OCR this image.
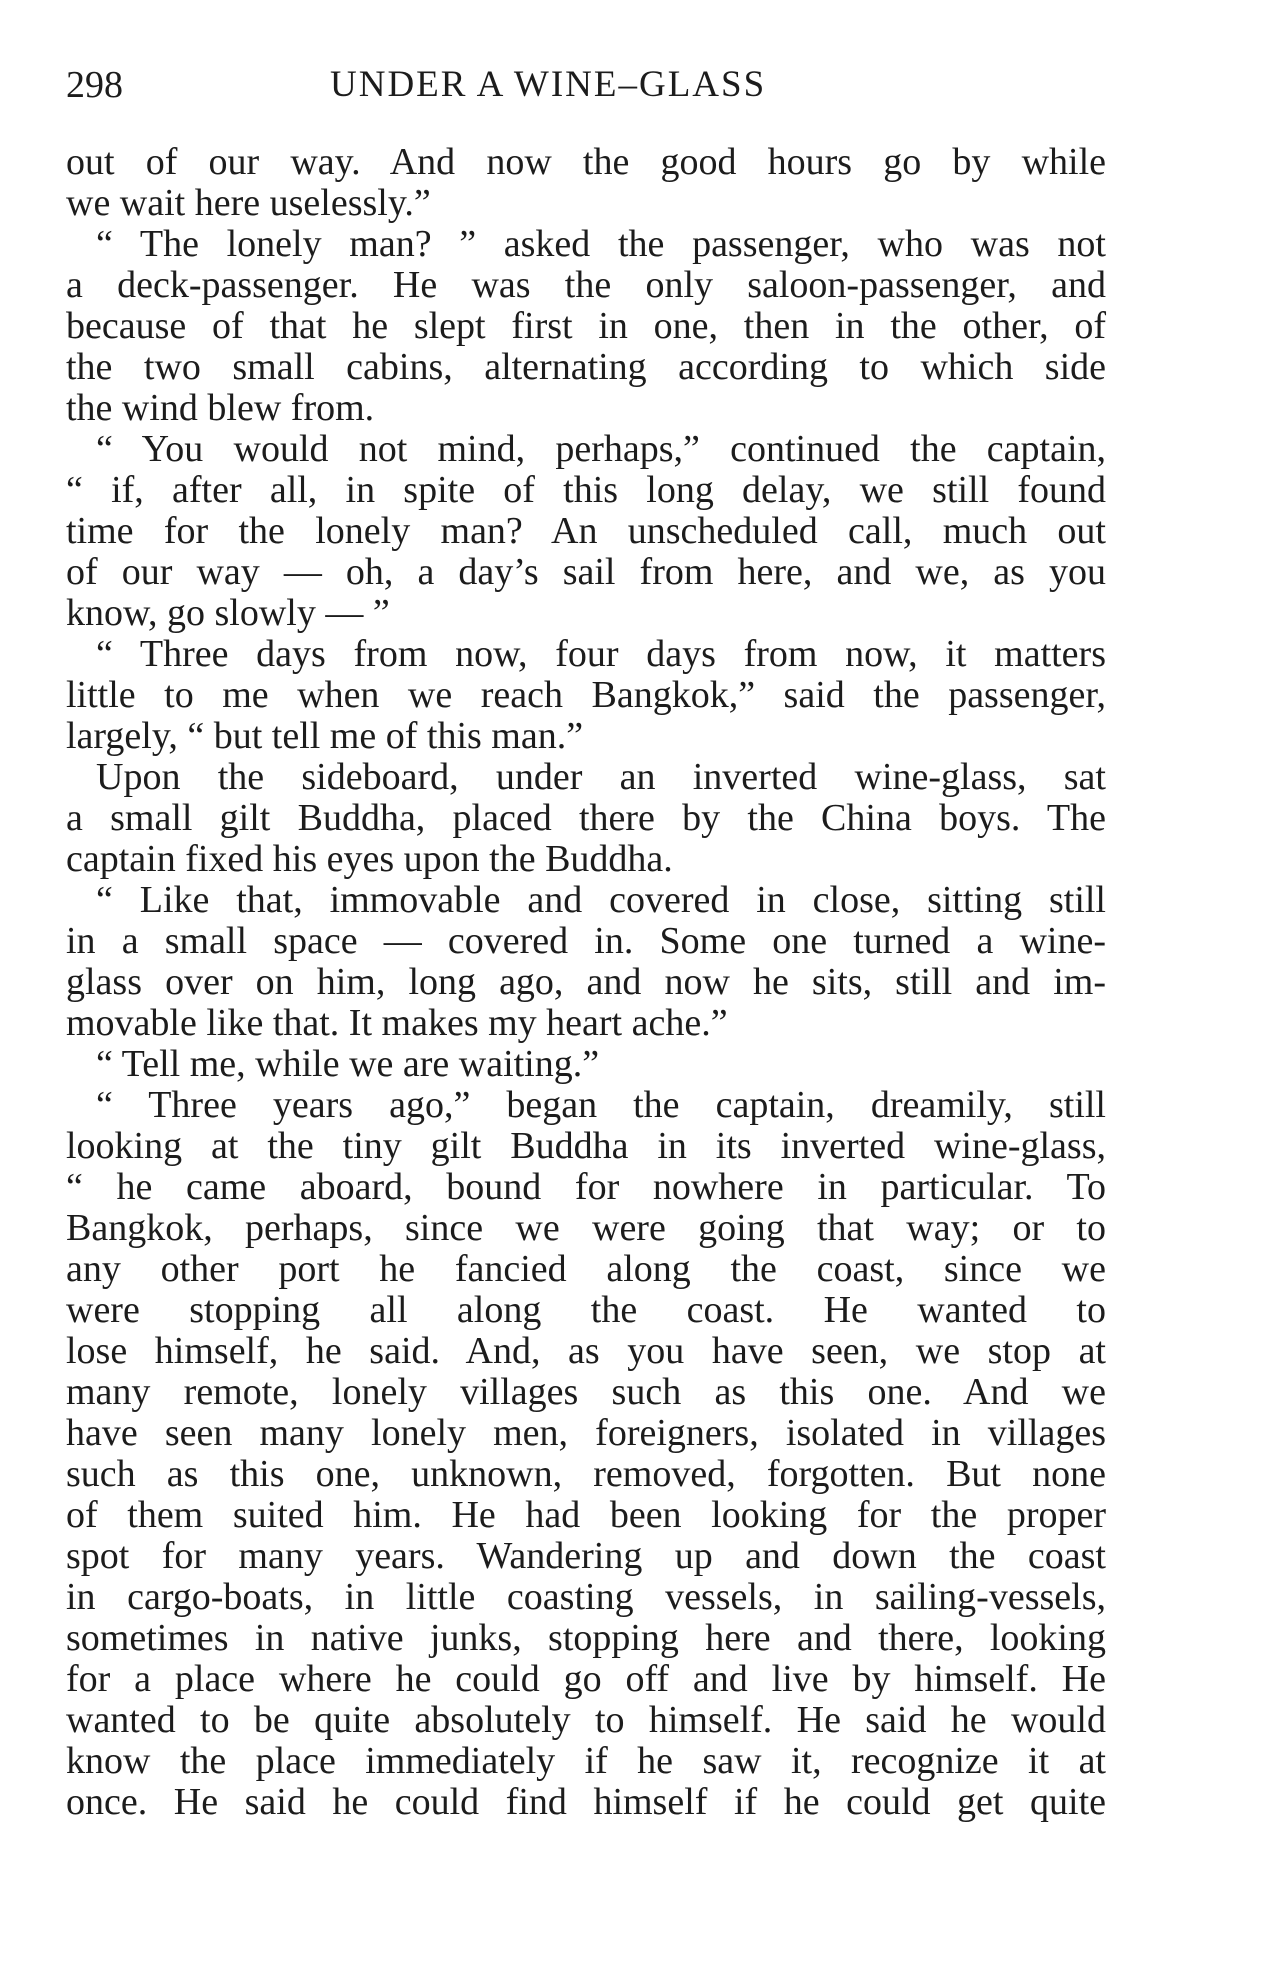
298	UNDER A WINE–GLASS
out of our way. And now the good hours go by while
we wait here uselessly.”
“ The lonely man? ” asked the passenger, who was not
a deck-passenger. He was the only saloon-passenger, and
because of that he slept first in one, then in the other, of
the two small cabins, alternating according to which side
the wind blew from.
“ You would not mind, perhaps,” continued the captain,
“ if, after all, in spite of this long delay, we still found
time for the lonely man? An unscheduled call, much out
of our way — oh, a day’s sail from here, and we, as you
know, go slowly — ”
“ Three days from now, four days from now, it matters
little to me when we reach Bangkok,” said the passenger,
largely, “ but tell me of this man.”
Upon the sideboard, under an inverted wine-glass, sat
a small gilt Buddha, placed there by the China boys. The
captain fixed his eyes upon the Buddha.
“ Like that, immovable and covered in close, sitting still
in a small space — covered in. Some one turned a wine-
glass over on him, long ago, and now he sits, still and im-
movable like that. It makes my heart ache.”
“ Tell me, while we are waiting.”
“ Three years ago,” began the captain, dreamily, still
looking at the tiny gilt Buddha in its inverted wine-glass,
“ he came aboard, bound for nowhere in particular. To
Bangkok, perhaps, since we were going that way; or to
any other port he fancied along the coast, since we
were stopping all along the coast. He wanted to
lose himself, he said. And, as you have seen, we stop at
many remote, lonely villages such as this one. And we
have seen many lonely men, foreigners, isolated in villages
such as this one, unknown, removed, forgotten. But none
of them suited him. He had been looking for the proper
spot for many years. Wandering up and down the coast
in cargo-boats, in little coasting vessels, in sailing-vessels,
sometimes in native junks, stopping here and there, looking
for a place where he could go off and live by himself. He
wanted to be quite absolutely to himself. He said he would
know the place immediately if he saw it, recognize it at
once. He said he could find himself if he could get quite
